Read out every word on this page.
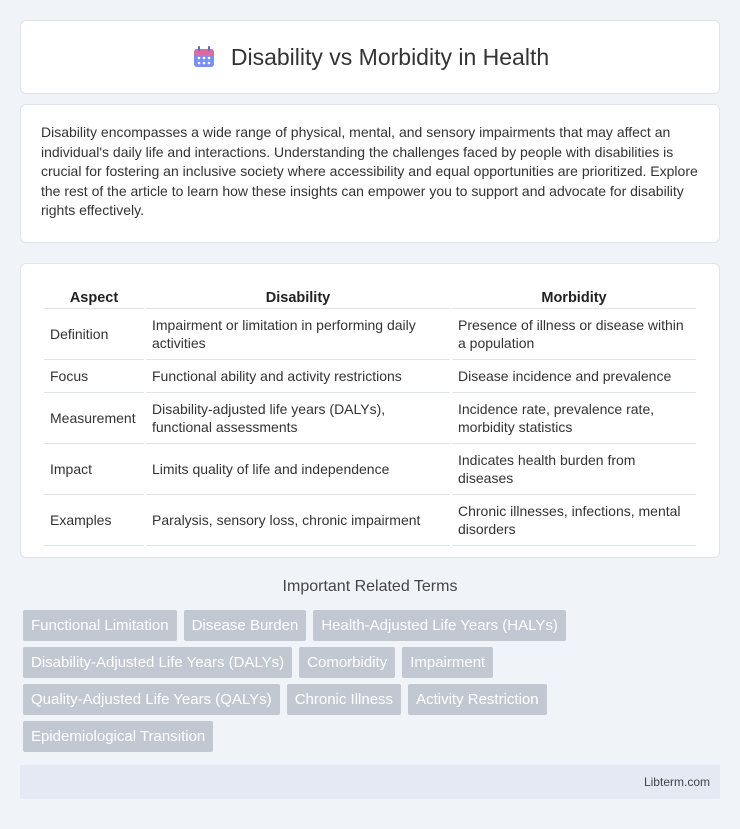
Disability vs Morbidity in Health

Disability encompasses a wide range of physical, mental, and sensory impairments that may affect an individual's daily life and interactions. Understanding the challenges faced by people with disabilities is crucial for fostering an inclusive society where accessibility and equal opportunities are prioritized. Explore the rest of the article to learn how these insights can empower you to support and advocate for disability rights effectively.

Aspect	Disability	Morbidity
Definition	Impairment or limitation in performing daily activities	Presence of illness or disease within a population
Focus	Functional ability and activity restrictions	Disease incidence and prevalence
Measurement	Disability-adjusted life years (DALYs), functional assessments	Incidence rate, prevalence rate, morbidity statistics
Impact	Limits quality of life and independence	Indicates health burden from diseases
Examples	Paralysis, sensory loss, chronic impairment	Chronic illnesses, infections, mental disorders
Important Related Terms
Functional Limitation	Disease Burden	Health-Adjusted Life Years (HALYs)
Disability-Adjusted Life Years (DALYs)	Comorbidity	Impairment
Quality-Adjusted Life Years (QALYs)	Chronic Illness	Activity Restriction
Epidemiological Transition
Libterm.com
